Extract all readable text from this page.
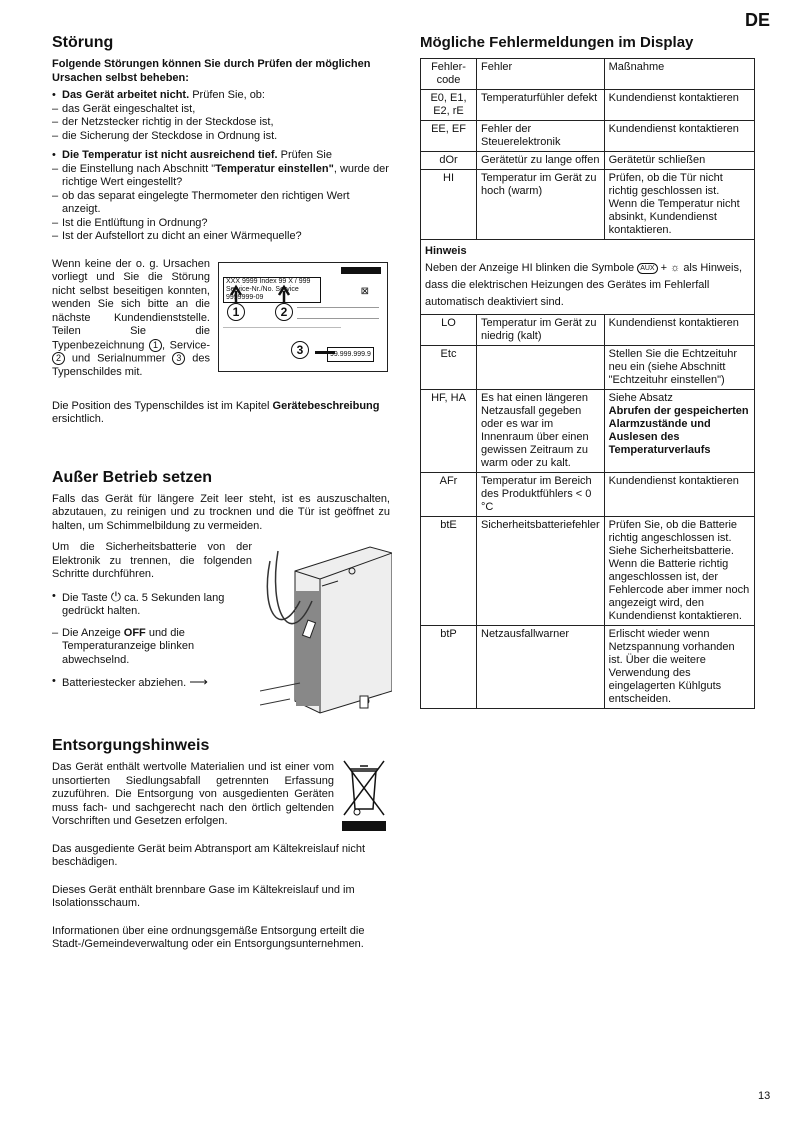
DE
Störung

Folgende Störungen können Sie durch Prüfen der möglichen Ursachen selbst beheben:

• Das Gerät arbeitet nicht. Prüfen Sie, ob:
– das Gerät eingeschaltet ist,
– der Netzstecker richtig in der Steckdose ist,
– die Sicherung der Steckdose in Ordnung ist.
• Die Temperatur ist nicht ausreichend tief. Prüfen Sie
– die Einstellung nach Abschnitt "Temperatur einstellen", wurde der richtige Wert eingestellt?
– ob das separat eingelegte Thermometer den richtigen Wert anzeigt.
– Ist die Entlüftung in Ordnung?
– Ist der Aufstellort zu dicht an einer Wärmequelle?
Wenn keine der o. g. Ursachen vorliegt und Sie die Störung nicht selbst beseitigen konnten, wenden Sie sich bitte an die nächste Kundendienststelle. Teilen Sie die Typenbezeichnung 1 , Service- 2 und Serialnummer 3 des Typenschildes mit.
XXX 9999 Index 99 X / 999
Service-Nr./No. Service 9999999-09
⊠
1	2
3	99.999.999.9

Die Position des Typenschildes ist im Kapitel Gerätebeschreibung ersichtlich.

Außer Betrieb setzen

Falls das Gerät für längere Zeit leer steht, ist es auszuschalten, abzutauen, zu reinigen und zu trocknen und die Tür ist geöffnet zu halten, um Schimmelbildung zu vermeiden.

Um die Sicherheitsbatterie von der Elektronik zu trennen, die folgenden Schritte durchführen.

• Die Taste ⏻ ca. 5 Sekunden lang gedrückt halten.
– Die Anzeige OFF und die Temperaturanzeige blinken abwechselnd.
• Batteriestecker abziehen. ⟶
Entsorgungshinweis

Das Gerät enthält wertvolle Materialien und ist einer vom unsortierten Siedlungsabfall getrennten Erfassung zuzuführen. Die Entsorgung von ausgedienten Geräten muss fach- und sachgerecht nach den örtlich geltenden Vorschriften und Gesetzen erfolgen.

Das ausgediente Gerät beim Abtransport am Kältekreislauf nicht beschädigen.

Dieses Gerät enthält brennbare Gase im Kältekreislauf und im Isolationsschaum.

Informationen über eine ordnungsgemäße Entsorgung erteilt die Stadt-/Gemeindeverwaltung oder ein Entsorgungsunternehmen.

Mögliche Fehlermeldungen im Display
Fehler-code	Fehler	Maßnahme
E0, E1, E2, rE	Temperaturfühler defekt	Kundendienst kontaktieren
EE, EF	Fehler der Steuerelektronik	Kundendienst kontaktieren
dOr	Gerätetür zu lange offen	Gerätetür schließen
HI	Temperatur im Gerät zu hoch (warm)	Prüfen, ob die Tür nicht richtig geschlossen ist. Wenn die Temperatur nicht absinkt, Kundendienst kontaktieren.

Hinweis
Neben der Anzeige HI blinken die Symbole AUX + ☼ als Hinweis, dass die elektrischen Heizungen des Gerätes im Fehlerfall automatisch deaktiviert sind.		
LO	Temperatur im Gerät zu niedrig (kalt)	Kundendienst kontaktieren
Etc		Stellen Sie die Echtzeituhr neu ein (siehe Abschnitt "Echtzeituhr einstellen")
HF, HA	Es hat einen längeren Netzausfall gegeben oder es war im Innenraum über einen gewissen Zeitraum zu warm oder zu kalt.	Siehe Absatz
Abrufen der gespeicherten Alarmzustände und Auslesen des Temperaturverlaufs

AFr	Temperatur im Bereich des Produktfühlers < 0 °C	Kundendienst kontaktieren
btE	Sicherheitsbatteriefehler	Prüfen Sie, ob die Batterie richtig angeschlossen ist. Siehe Sicherheitsbatterie. Wenn die Batterie richtig angeschlossen ist, der Fehlercode aber immer noch angezeigt wird, den Kundendienst kontaktieren.
btP	Netzausfallwarner	Erlischt wieder wenn Netzspannung vorhanden ist. Über die weitere Verwendung des eingelagerten Kühlguts entscheiden.
13
